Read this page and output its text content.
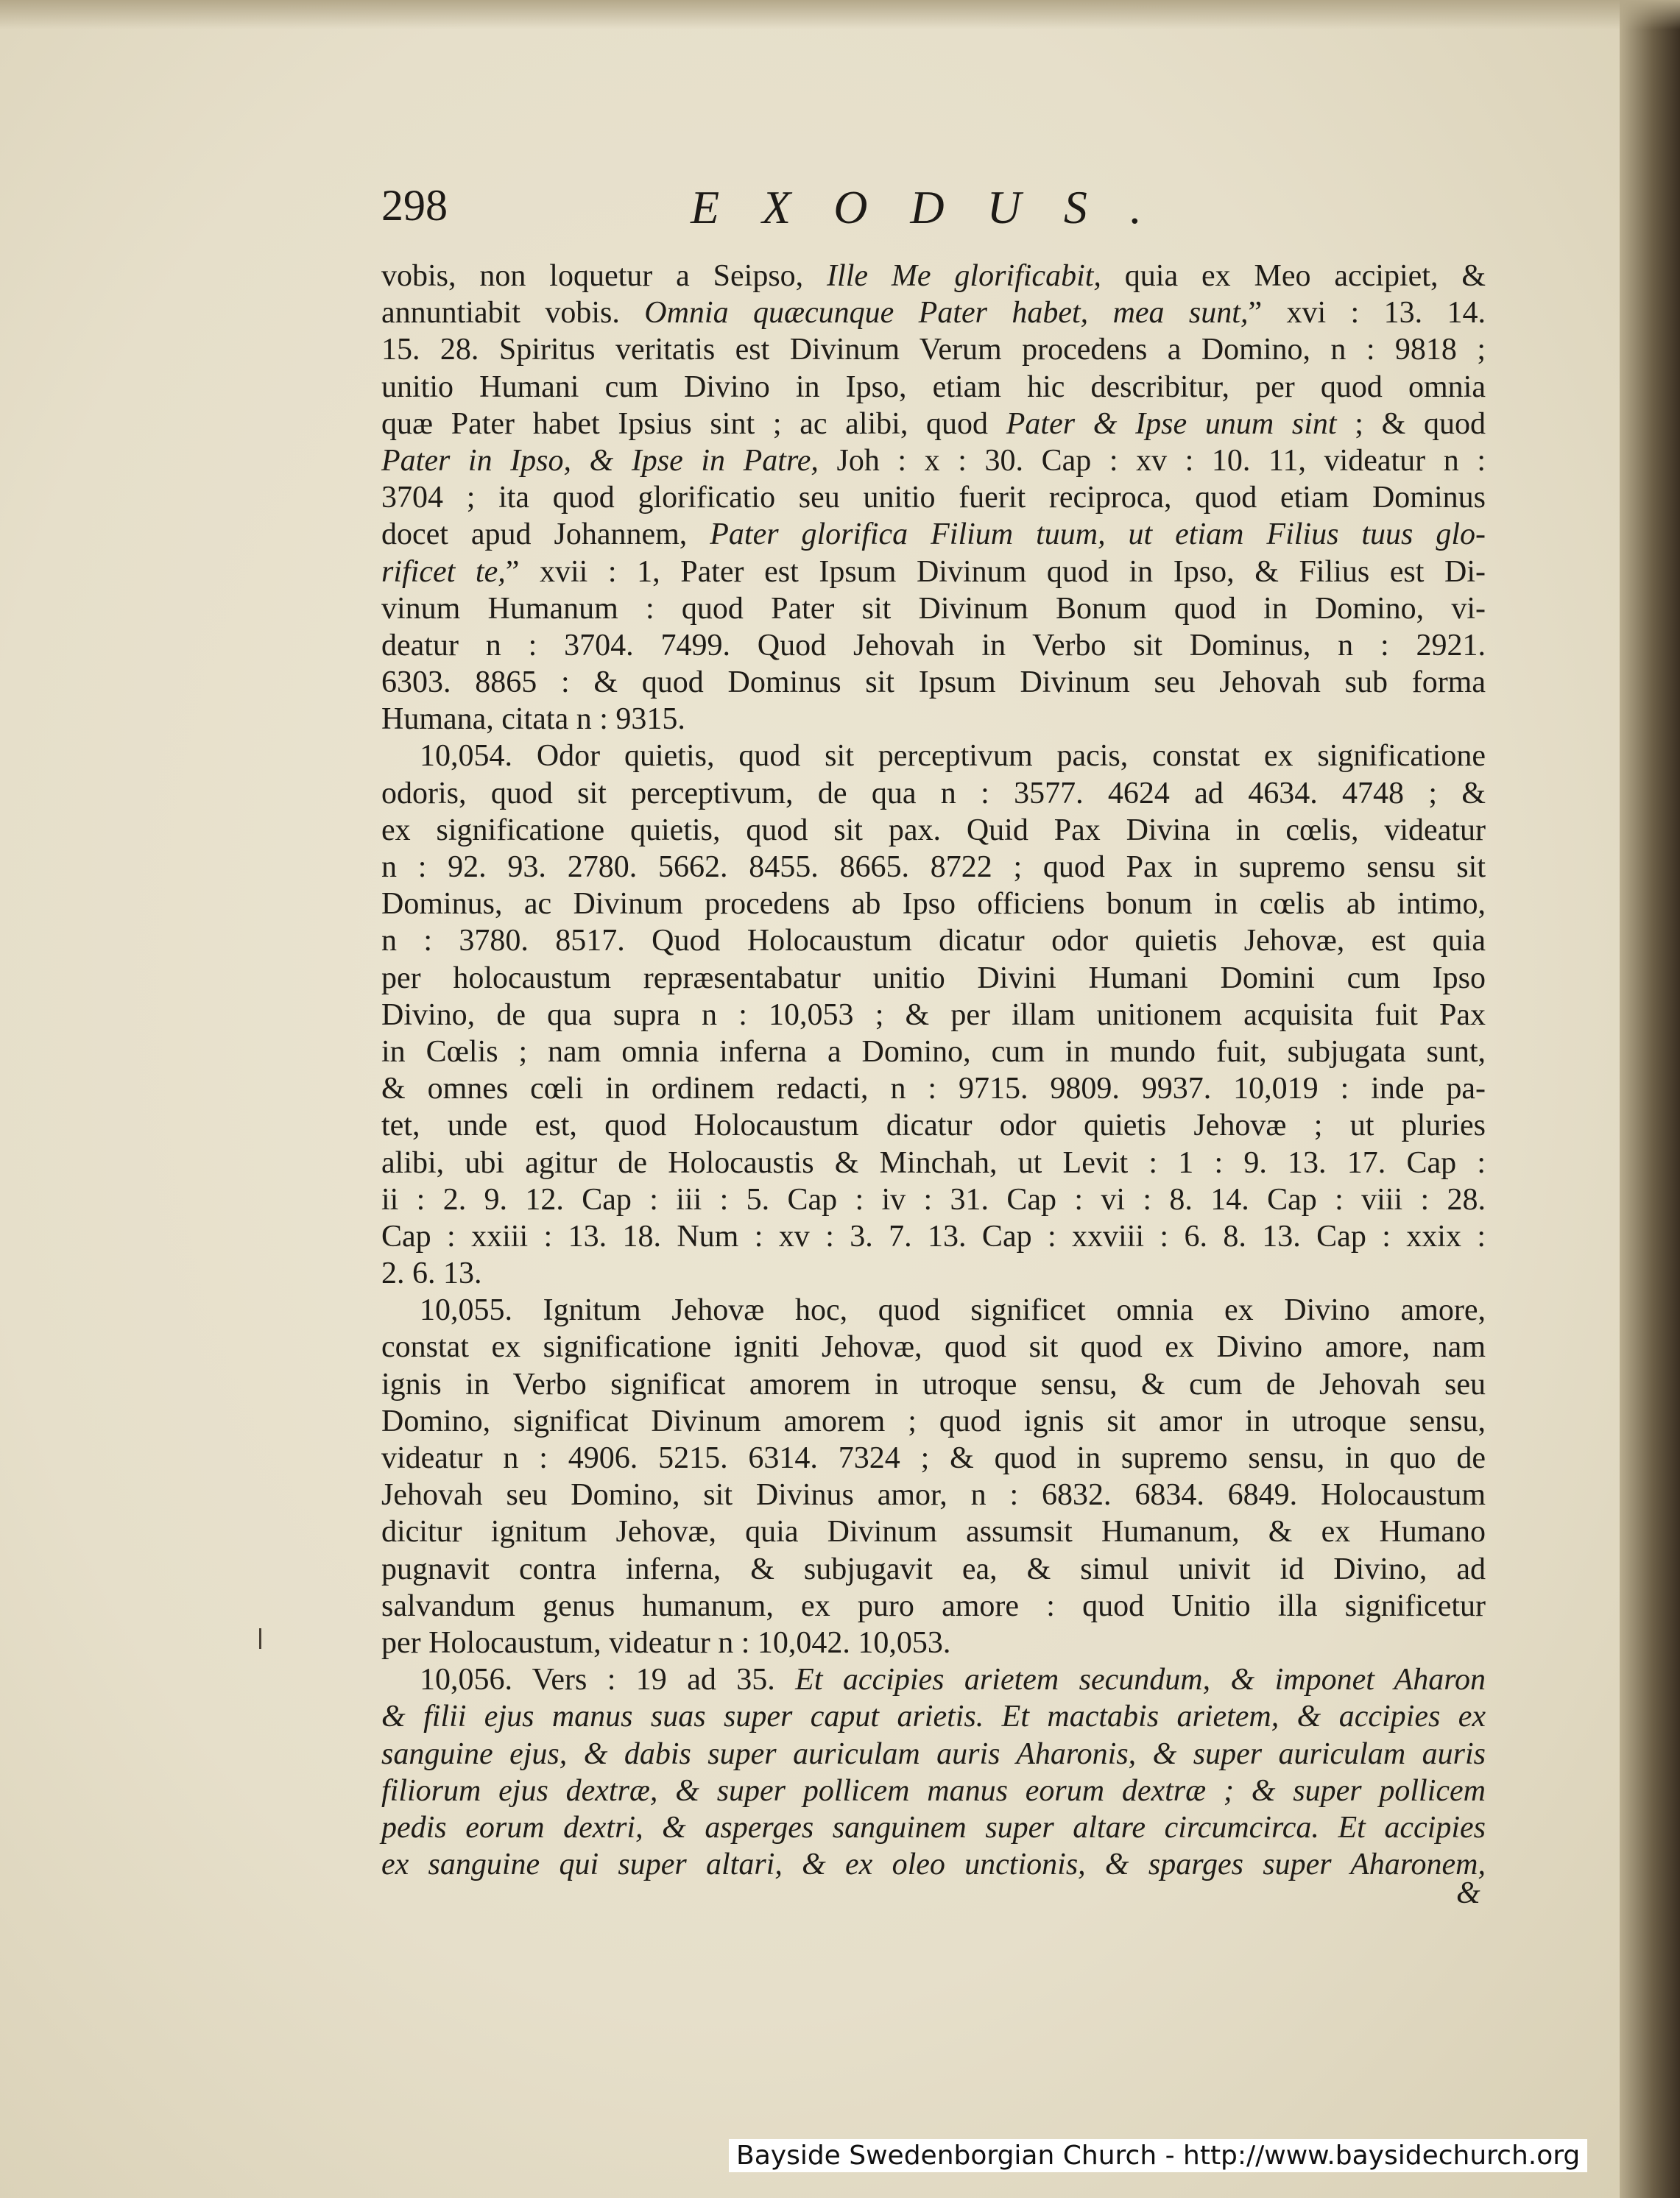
298	EXODUS.
vobis, non loquetur a Seipso, Ille Me glorificabit, quia ex Meo accipiet, &
annuntiabit vobis. Omnia quæcunque Pater habet, mea sunt,” xvi : 13. 14.
15. 28. Spiritus veritatis est Divinum Verum procedens a Domino, n : 9818 ;
unitio Humani cum Divino in Ipso, etiam hic describitur, per quod omnia
quæ Pater habet Ipsius sint ; ac alibi, quod Pater & Ipse unum sint ; & quod
Pater in Ipso, & Ipse in Patre, Joh : x : 30. Cap : xv : 10. 11, videatur n :
3704 ; ita quod glorificatio seu unitio fuerit reciproca, quod etiam Dominus
docet apud Johannem, Pater glorifica Filium tuum, ut etiam Filius tuus glo-
rificet te,” xvii : 1, Pater est Ipsum Divinum quod in Ipso, & Filius est Di-
vinum Humanum : quod Pater sit Divinum Bonum quod in Domino, vi-
deatur n : 3704. 7499. Quod Jehovah in Verbo sit Dominus, n : 2921.
6303. 8865 : & quod Dominus sit Ipsum Divinum seu Jehovah sub forma
Humana, citata n : 9315.
10,054. Odor quietis, quod sit perceptivum pacis, constat ex significatione
odoris, quod sit perceptivum, de qua n : 3577. 4624 ad 4634. 4748 ; &
ex significatione quietis, quod sit pax. Quid Pax Divina in cœlis, videatur
n : 92. 93. 2780. 5662. 8455. 8665. 8722 ; quod Pax in supremo sensu sit
Dominus, ac Divinum procedens ab Ipso officiens bonum in cœlis ab intimo,
n : 3780. 8517. Quod Holocaustum dicatur odor quietis Jehovæ, est quia
per holocaustum repræsentabatur unitio Divini Humani Domini cum Ipso
Divino, de qua supra n : 10,053 ; & per illam unitionem acquisita fuit Pax
in Cœlis ; nam omnia inferna a Domino, cum in mundo fuit, subjugata sunt,
& omnes cœli in ordinem redacti, n : 9715. 9809. 9937. 10,019 : inde pa-
tet, unde est, quod Holocaustum dicatur odor quietis Jehovæ ; ut pluries
alibi, ubi agitur de Holocaustis & Minchah, ut Levit : 1 : 9. 13. 17. Cap :
ii : 2. 9. 12. Cap : iii : 5. Cap : iv : 31. Cap : vi : 8. 14. Cap : viii : 28.
Cap : xxiii : 13. 18. Num : xv : 3. 7. 13. Cap : xxviii : 6. 8. 13. Cap : xxix :
2. 6. 13.
10,055. Ignitum Jehovæ hoc, quod significet omnia ex Divino amore,
constat ex significatione igniti Jehovæ, quod sit quod ex Divino amore, nam
ignis in Verbo significat amorem in utroque sensu, & cum de Jehovah seu
Domino, significat Divinum amorem ; quod ignis sit amor in utroque sensu,
videatur n : 4906. 5215. 6314. 7324 ; & quod in supremo sensu, in quo de
Jehovah seu Domino, sit Divinus amor, n : 6832. 6834. 6849. Holocaustum
dicitur ignitum Jehovæ, quia Divinum assumsit Humanum, & ex Humano
pugnavit contra inferna, & subjugavit ea, & simul univit id Divino, ad
salvandum genus humanum, ex puro amore : quod Unitio illa significetur
per Holocaustum, videatur n : 10,042. 10,053.
10,056. Vers : 19 ad 35. Et accipies arietem secundum, & imponet Aharon
& filii ejus manus suas super caput arietis. Et mactabis arietem, & accipies ex
sanguine ejus, & dabis super auriculam auris Aharonis, & super auriculam auris
filiorum ejus dextræ, & super pollicem manus eorum dextræ ; & super pollicem
pedis eorum dextri, & asperges sanguinem super altare circumcirca. Et accipies
ex sanguine qui super altari, & ex oleo unctionis, & sparges super Aharonem,
&
Bayside Swedenborgian Church - http://www.baysidechurch.org
